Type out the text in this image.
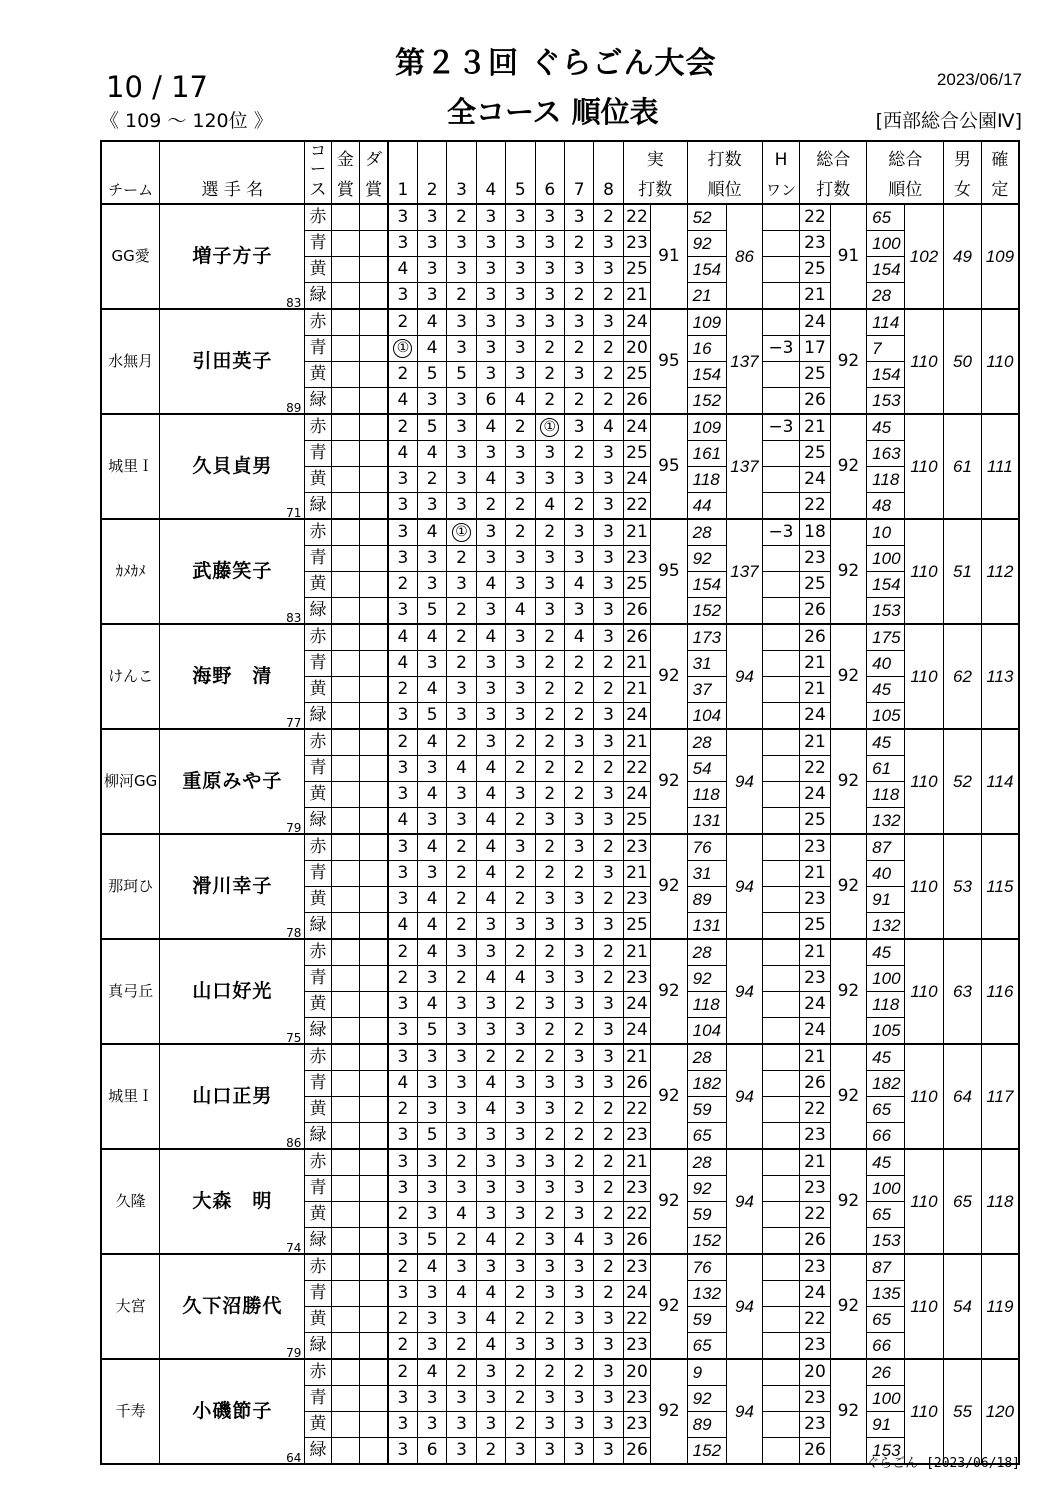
第２３回 ぐらごん大会
全コース 順位表
10 / 17
《 109 ～ 120位 》
2023/06/17
[西部総合公園Ⅳ]
		コー	金	ダ									実		打数		H	総合		総合		男	確
チーム	選 手 名	ス	賞	賞	1	2	3	4	5	6	7	8	打数		順位		ワン	打数		順位		女	定
GG愛	増子方子
83	赤			3	3	2	3	3	3	3	2	22	91	52	86		22	91	65	102	49	109
		青			3	3	3	3	3	3	2	3	23		92			23		100			
		黄			4	3	3	3	3	3	3	3	25		154			25		154			
		緑			3	3	2	3	3	3	2	2	21		21			21		28			
水無月	引田英子
89	赤			2	4	3	3	3	3	3	3	24	95	109	137		24	92	114	110	50	110
		青			①	4	3	3	3	2	2	2	20		16		−3	17		7			
		黄			2	5	5	3	3	2	3	2	25		154			25		154			
		緑			4	3	3	6	4	2	2	2	26		152			26		153			
城里Ｉ	久貝貞男
71	赤			2	5	3	4	2	①	3	4	24	95	109	137	−3	21	92	45	110	61	111
		青			4	4	3	3	3	3	2	3	25		161			25		163			
		黄			3	2	3	4	3	3	3	3	24		118			24		118			
		緑			3	3	3	2	2	4	2	3	22		44			22		48			
ｶﾒｶﾒ	武藤笑子
83	赤			3	4	①	3	2	2	3	3	21	95	28	137	−3	18	92	10	110	51	112
		青			3	3	2	3	3	3	3	3	23		92			23		100			
		黄			2	3	3	4	3	3	4	3	25		154			25		154			
		緑			3	5	2	3	4	3	3	3	26		152			26		153			
けんこ	海野　清
77	赤			4	4	2	4	3	2	4	3	26	92	173	94		26	92	175	110	62	113
		青			4	3	2	3	3	2	2	2	21		31			21		40			
		黄			2	4	3	3	3	2	2	2	21		37			21		45			
		緑			3	5	3	3	3	2	2	3	24		104			24		105			
柳河GG	重原みや子
79	赤			2	4	2	3	2	2	3	3	21	92	28	94		21	92	45	110	52	114
		青			3	3	4	4	2	2	2	2	22		54			22		61			
		黄			3	4	3	4	3	2	2	3	24		118			24		118			
		緑			4	3	3	4	2	3	3	3	25		131			25		132			
那珂ひ	滑川幸子
78	赤			3	4	2	4	3	2	3	2	23	92	76	94		23	92	87	110	53	115
		青			3	3	2	4	2	2	2	3	21		31			21		40			
		黄			3	4	2	4	2	3	3	2	23		89			23		91			
		緑			4	4	2	3	3	3	3	3	25		131			25		132			
真弓丘	山口好光
75	赤			2	4	3	3	2	2	3	2	21	92	28	94		21	92	45	110	63	116
		青			2	3	2	4	4	3	3	2	23		92			23		100			
		黄			3	4	3	3	2	3	3	3	24		118			24		118			
		緑			3	5	3	3	3	2	2	3	24		104			24		105			
城里Ｉ	山口正男
86	赤			3	3	3	2	2	2	3	3	21	92	28	94		21	92	45	110	64	117
		青			4	3	3	4	3	3	3	3	26		182			26		182			
		黄			2	3	3	4	3	3	2	2	22		59			22		65			
		緑			3	5	3	3	3	2	2	2	23		65			23		66			
久隆	大森　明
74	赤			3	3	2	3	3	3	2	2	21	92	28	94		21	92	45	110	65	118
		青			3	3	3	3	3	3	3	2	23		92			23		100			
		黄			2	3	4	3	3	2	3	2	22		59			22		65			
		緑			3	5	2	4	2	3	4	3	26		152			26		153			
大宮	久下沼勝代
79	赤			2	4	3	3	3	3	3	2	23	92	76	94		23	92	87	110	54	119
		青			3	3	4	4	2	3	3	2	24		132			24		135			
		黄			2	3	3	4	2	2	3	3	22		59			22		65			
		緑			2	3	2	4	3	3	3	3	23		65			23		66			
千寿	小磯節子
64	赤			2	4	2	3	2	2	2	3	20	92	9	94		20	92	26	110	55	120
		青			3	3	3	3	2	3	3	3	23		92			23		100			
		黄			3	3	3	3	2	3	3	3	23		89			23		91			
		緑			3	6	3	2	3	3	3	3	26		152			26		153			
ぐらごん [2023/06/18]
